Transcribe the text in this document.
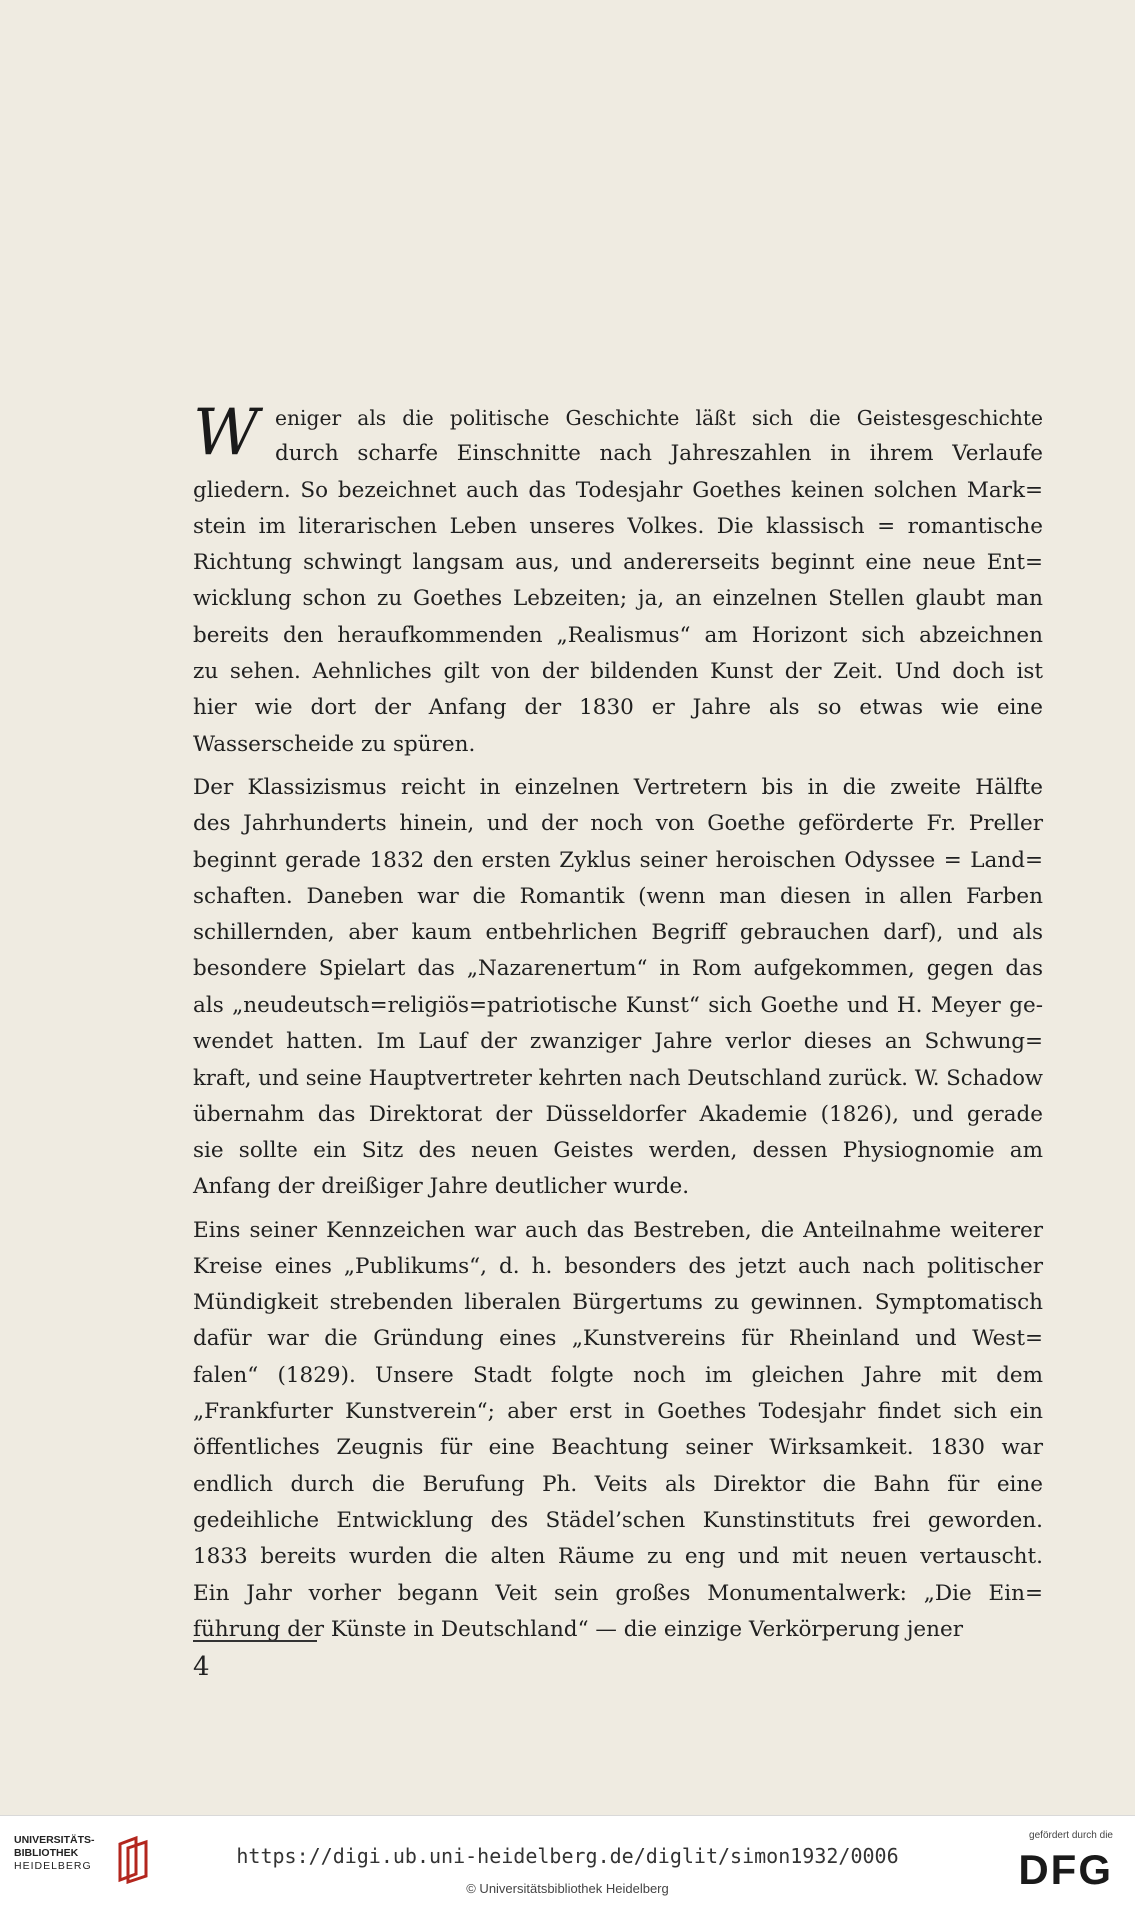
W eniger als die politische Geschichte läßt sich die Geistesgeschichte
durch scharfe Einschnitte nach Jahreszahlen in ihrem Verlaufe
gliedern. So bezeichnet auch das Todesjahr Goethes keinen solchen Mark=
stein im literarischen Leben unseres Volkes. Die klassisch = romantische
Richtung schwingt langsam aus, und andererseits beginnt eine neue Ent=
wicklung schon zu Goethes Lebzeiten; ja, an einzelnen Stellen glaubt man
bereits den heraufkommenden „Realismus“ am Horizont sich abzeichnen
zu sehen. Aehnliches gilt von der bildenden Kunst der Zeit. Und doch ist
hier wie dort der Anfang der 1830 er Jahre als so etwas wie eine
Wasserscheide zu spüren.
Der Klassizismus reicht in einzelnen Vertretern bis in die zweite Hälfte
des Jahrhunderts hinein, und der noch von Goethe geförderte Fr. Preller
beginnt gerade 1832 den ersten Zyklus seiner heroischen Odyssee = Land=
schaften. Daneben war die Romantik (wenn man diesen in allen Farben
schillernden, aber kaum entbehrlichen Begriff gebrauchen darf), und als
besondere Spielart das „Nazarenertum“ in Rom aufgekommen, gegen das
als „neudeutsch=religiös=patriotische Kunst“ sich Goethe und H. Meyer ge-
wendet hatten. Im Lauf der zwanziger Jahre verlor dieses an Schwung=
kraft, und seine Hauptvertreter kehrten nach Deutschland zurück. W. Schadow
übernahm das Direktorat der Düsseldorfer Akademie (1826), und gerade
sie sollte ein Sitz des neuen Geistes werden, dessen Physiognomie am
Anfang der dreißiger Jahre deutlicher wurde.
Eins seiner Kennzeichen war auch das Bestreben, die Anteilnahme weiterer
Kreise eines „Publikums“, d. h. besonders des jetzt auch nach politischer
Mündigkeit strebenden liberalen Bürgertums zu gewinnen. Symptomatisch
dafür war die Gründung eines „Kunstvereins für Rheinland und West=
falen“ (1829). Unsere Stadt folgte noch im gleichen Jahre mit dem
„Frankfurter Kunstverein“; aber erst in Goethes Todesjahr findet sich ein
öffentliches Zeugnis für eine Beachtung seiner Wirksamkeit. 1830 war
endlich durch die Berufung Ph. Veits als Direktor die Bahn für eine
gedeihliche Entwicklung des Städel’schen Kunstinstituts frei geworden.
1833 bereits wurden die alten Räume zu eng und mit neuen vertauscht.
Ein Jahr vorher begann Veit sein großes Monumentalwerk: „Die Ein=
führung der Künste in Deutschland“ — die einzige Verkörperung jener
4
UNIVERSITÄTS-
BIBLIOTHEK
HEIDELBERG	https://digi.ub.uni-heidelberg.de/diglit/simon1932/0006
© Universitätsbibliothek Heidelberg
gefördert durch die
DFG
